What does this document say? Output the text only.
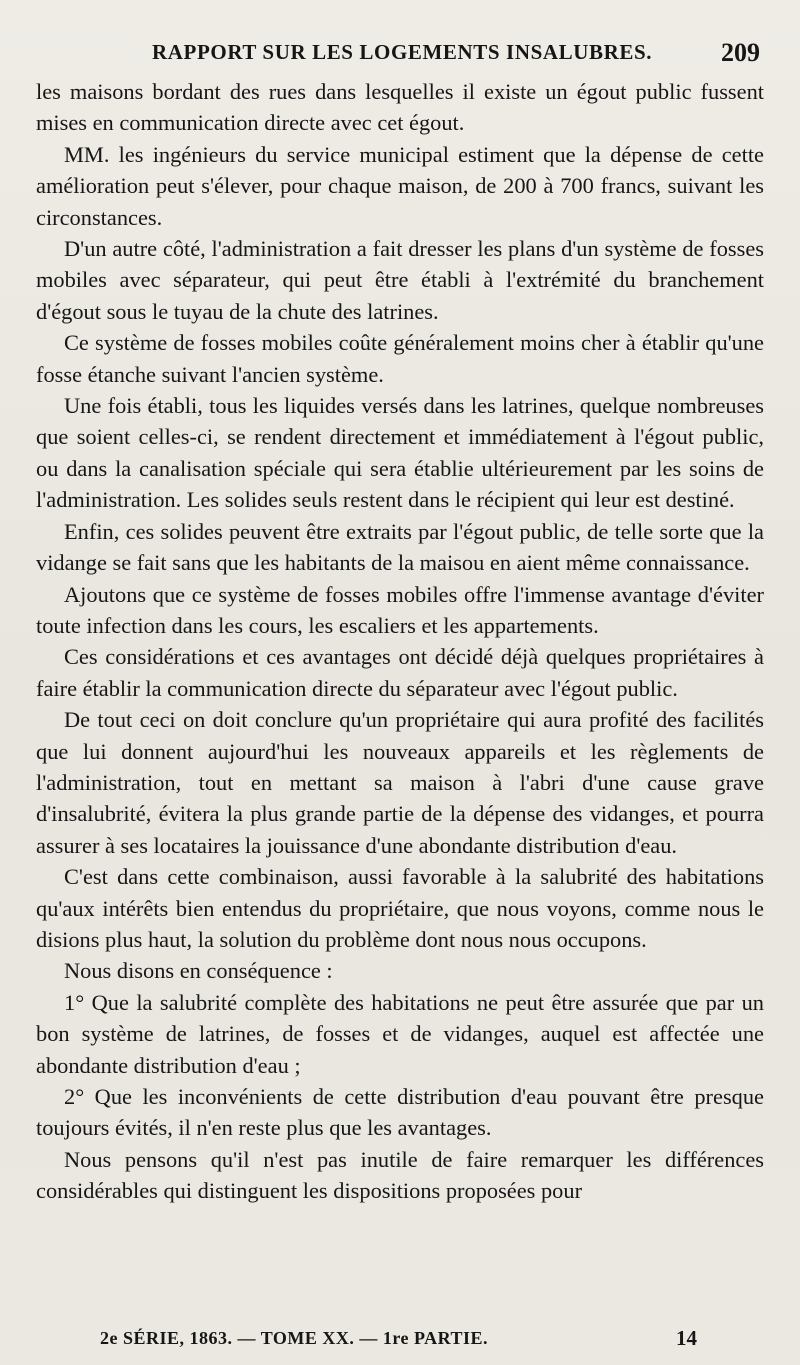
RAPPORT SUR LES LOGEMENTS INSALUBRES.	209

les maisons bordant des rues dans lesquelles il existe un égout public fussent mises en communication directe avec cet égout.

MM. les ingénieurs du service municipal estiment que la dépense de cette amélioration peut s'élever, pour chaque maison, de 200 à 700 francs, suivant les circonstances.

D'un autre côté, l'administration a fait dresser les plans d'un système de fosses mobiles avec séparateur, qui peut être établi à l'extrémité du branchement d'égout sous le tuyau de la chute des latrines.

Ce système de fosses mobiles coûte généralement moins cher à établir qu'une fosse étanche suivant l'ancien système.

Une fois établi, tous les liquides versés dans les latrines, quelque nombreuses que soient celles-ci, se rendent directement et immédiatement à l'égout public, ou dans la canalisation spéciale qui sera établie ultérieurement par les soins de l'administration. Les solides seuls restent dans le récipient qui leur est destiné.

Enfin, ces solides peuvent être extraits par l'égout public, de telle sorte que la vidange se fait sans que les habitants de la maisou en aient même connaissance.

Ajoutons que ce système de fosses mobiles offre l'immense avantage d'éviter toute infection dans les cours, les escaliers et les appartements.

Ces considérations et ces avantages ont décidé déjà quelques propriétaires à faire établir la communication directe du séparateur avec l'égout public.

De tout ceci on doit conclure qu'un propriétaire qui aura profité des facilités que lui donnent aujourd'hui les nouveaux appareils et les règlements de l'administration, tout en mettant sa maison à l'abri d'une cause grave d'insalubrité, évitera la plus grande partie de la dépense des vidanges, et pourra assurer à ses locataires la jouissance d'une abondante distribution d'eau.

C'est dans cette combinaison, aussi favorable à la salubrité des habitations qu'aux intérêts bien entendus du propriétaire, que nous voyons, comme nous le disions plus haut, la solution du problème dont nous nous occupons.

Nous disons en conséquence :

1° Que la salubrité complète des habitations ne peut être assurée que par un bon système de latrines, de fosses et de vidanges, auquel est affectée une abondante distribution d'eau ;

2° Que les inconvénients de cette distribution d'eau pouvant être presque toujours évités, il n'en reste plus que les avantages.

Nous pensons qu'il n'est pas inutile de faire remarquer les différences considérables qui distinguent les dispositions proposées pour

2e SÉRIE, 1863. — TOME XX. — 1re PARTIE.	14
